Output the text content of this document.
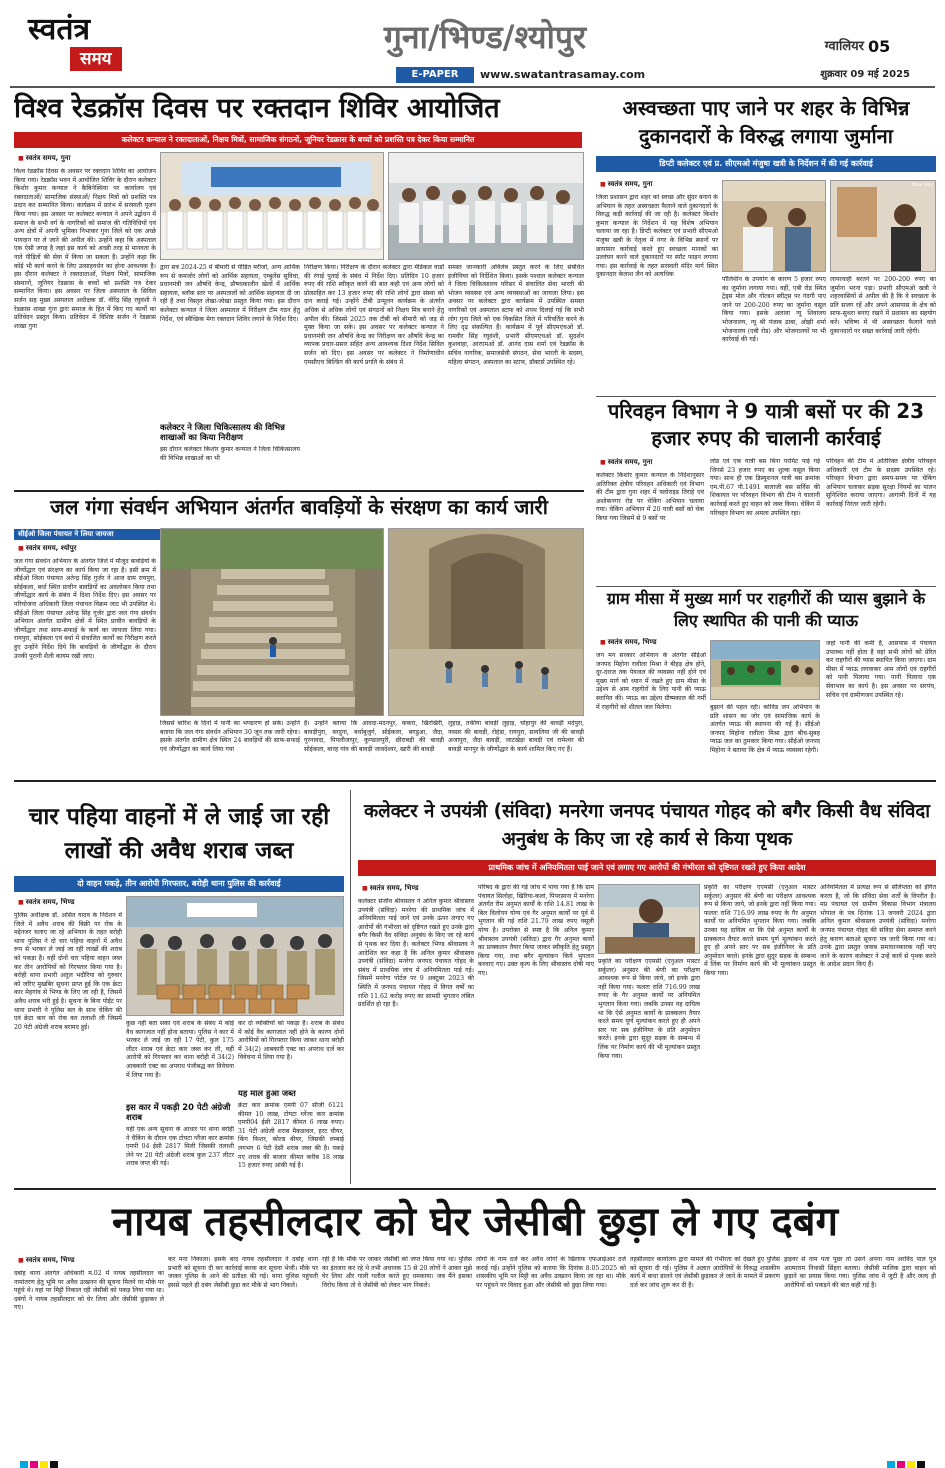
स्वतंत्र
समय
गुना/भिण्ड/श्योपुर	ग्वालियर 05
E-PAPER	www.swatantrasamay.com	शुक्रवार 09 मई 2025
विश्व रेडक्रॉस दिवस पर रक्तदान शिविर आयोजित
कलेक्टर कन्याल ने रक्तदाताओं, निक्षय मित्रों, सामाजिक संगठनों, जूनियर रेडक्रास के बच्चों को प्रशस्ति पत्र देकर किया सम्मानित
■ स्वतंत्र समय, गुना
विश्व रेडक्रॉस दिवस के अवसर पर रक्तदान शिविर का आयोजन किया गया। रेडक्रॉस भवन में आयोजित शिविर के दौरान कलेक्टर किशोर कुमार कन्याल ने कैबिनेस्थिया पर कार्यालय एवं रक्तदाताओं/ सामाजिक संस्थाओं/ निक्षय मित्रों को प्रशस्ति पत्र प्रदान कर सम्मानित किया। कार्यक्रम में प्रारंभ में सरस्वती पूजन किया गया। इस अवसर पर कलेक्टर कन्याल ने अपने उद्बोधन में समाज के सभी वर्ग के नागरिकों को समाज की गतिविधियों एवं अन्य क्षेत्रों में अपनी भूमिका निभाकर गुना जिले को एक अच्छे पायदान पर ले जाने की अपील की। उन्होंने कहा कि अस्पताल एक ऐसी जगह है जहां इस कार्य को अच्छी तरह से मानवता के नाते पीड़ितों की सेवा में किया जा सकता है। उन्होंने कहा कि कोई भी कार्य करने के लिए उत्साहवर्धन का होना आवश्यक है। इस दौरान कलेक्टर ने रक्तदाताओं, निक्षय मित्रों, सामाजिक संस्थानों, जूनियर रेडक्रास के बच्चों को प्रशस्ति पत्र देकर सम्मानित किया। इस अवसर पर जिला अस्पताल के सिविल सर्जन सह मुख्य अस्पताल अधीक्षक डॉ. वीरेंद्र सिंह रघुवंशी ने रेडक्रास शाखा गुना द्वारा समाज के हित में किए गए कार्यों का प्रतिवेदन प्रस्तुत किया। प्रतिवेदन में विशिष्ट सर्जन ने रेडक्रास शाखा गुना
द्वारा सत्र 2024-25 में बीमारी से पीड़ित मरीजों, अन्य आर्थिक रूप से कमजोर लोगों को आर्थिक सहायता, एम्बुलेंस सुविधा, प्रधानमंत्री जन औषधि केन्द्र, प्रौषधकालीन खेलों में आर्थिक सहायता, ब्लॉक स्तर पर अस्पतालों को आर्थिक सहायता दी जा रही है तथा विस्तृत लेखा-जोखा प्रस्तुत किया गया। इस दौरान कलेक्टर कन्याल ने जिला अस्पताल में निरीक्षण टीम गठन हेतु निर्देश, एवं स्वैच्छिक मेगा रक्तदान शिविर लगाने के निर्देश दिए।
कलेक्टर ने जिला चिकित्सालय की विभिन्न शाखाओं का किया निरीक्षण
इस दौरान कलेक्टर किशोर कुमार कन्याल ने जिला चिकित्सालय की विभिन्न शाखाओं का भी
निरीक्षण किया। निरीक्षण के दौरान कलेक्टर द्वारा मेडिकल वार्डों की रंगाई पुताई के संबंध में निर्देश दिए। प्रतिदिन 10 हजार रुपए की राशि स्वीकृत करने की बात कही एवं अन्य लोगों को प्रोत्साहित कर 13 हजार रुपए की राशि लोगों द्वारा संस्था को दान कराई गई। उन्होंने टीबी उन्मूलन कार्यक्रम के अंतर्गत अधिक से अधिक लोगों एवं संगठनों को निक्षय मित्र बनाने हेतु अपील की। जिससे 2025 तक टीबी को बीमारी को जड़ से मुक्त किया जा सके। इस अवसर पर कलेक्टर कन्याल ने प्रधानमंत्री जन औषधि केन्द्र का निरीक्षण कर औषधि केन्द्र का व्यापक प्रचार-प्रसार सहित अन्य आवश्यक दिशा निर्देश सिविल सर्जन को दिए। इस अवसर पर कलेक्टर ने निर्माणाधीन एमसीएच बिल्डिंग की कार्य प्रगति के संबंध में
समस्त जानकारी अविलंब प्रस्तुत करने के लिए संबंधित इंजीनियर को निर्देशित किया। इसके पश्चात कलेक्टर कन्याल ने जिला चिकित्सालय परिसर में संचालित सेवा भारती की भोजन व्यवस्था एवं अन्य व्यवस्थाओं का जायजा लिया। इस अवसर पर कलेक्टर द्वारा कार्यक्रम में उपस्थित समस्त नागरिकों एवं अस्पताल स्टाफ को शपथ दिलाई गई कि सभी लोग गुना जिले को एक विकसित जिले में परिवर्तित करने के लिए दृढ़ संकल्पित हैं। कार्यक्रम में पूर्व सीएमएचओ डॉ. रामवीर सिंह रघुवंशी, प्रभारी सीएमएचओ डॉ. सुदर्शन कुशवाहा, आरएमओ डॉ. आनंद दास शर्मा एवं रेडक्रॉस के सचिव नागरिक, समाजसेवी संगठन, सेवा भारती के सदस्य, महिला संगठन, अस्पताल का स्टाफ, डॉक्टर्स उपस्थित रहे।
अस्वच्छता पाए जाने पर शहर के विभिन्न दुकानदारों के विरुद्ध लगाया जुर्माना
डिप्टी कलेक्टर एवं प्र. सीएमओ मंजुषा खत्री के निर्देशन में की गई कार्रवाई
■ स्वतंत्र समय, गुना
जिला प्रशासन द्वारा शहर को स्वच्छ और सुंदर बनाने के अभियान के तहत अस्वच्छता फैलाने वाले दुकानदारों के विरुद्ध कड़ी कार्रवाई की जा रही है। कलेक्टर किशोर कुमार कन्याल के निर्देशन में यह विशेष अभियान चलाया जा रहा है। डिप्टी कलेक्टर एवं प्रभारी सीएमओ मंजुषा खत्री के नेतृत्व में नगर के विभिन्न स्थानों पर छापामार कार्रवाई करते हुए स्वच्छता मानकों का उल्लंघन करने वाले दुकानदारों पर स्पॉट फाइन लगाया गया। इस कार्रवाई के तहत सरस्वती मंदिर मार्ग स्थित दुकानदार केलाश जैन को अत्यधिक
Dhar Day
पॉलिथीन के उपयोग के कारण 5 हजार रुपए का जुर्माना लगाया गया। वहीं, एबी रोड स्थित ट्रेड्स मोल और गोल्डन स्वीट्स पर गंदगी पाए जाने पर 200-200 रुपए का जुर्माना वसूल किया गया। इसके अलावा न्यू शिवालय भोजनालय, न्यू श्री पंजाब ढाबा, ओझी शर्मा भोजनालय (एबी रोड) और भोजनालयों पर भी कार्रवाई की गई।
लापरवाही बरतने पर 200-200 रुपए का जुर्माना भरना पड़ा। प्रभारी सीएमओ खत्री ने शहरवासियों से अपील की है कि वे स्वच्छता के प्रति सजग रहें और अपने आसपास के क्षेत्र को साफ-सुथरा बनाए रखने में प्रशासन का सहयोग करें। भविष्य में भी अस्वच्छता फैलाने वाले दुकानदारों पर सख्त कार्रवाई जारी रहेगी।
परिवहन विभाग ने 9 यात्री बसों पर की 23 हजार रुपए की चालानी कार्रवाई
■ स्वतंत्र समय, गुना
कलेक्टर किशोर कुमार कन्याल के निर्देशानुसार अतिरिक्त क्षेत्रीय परिवहन अधिकारी एवं विभाग की टीम द्वारा गुना शहर में फ्लोराइड तिराहे एवं अशोकनगर रोड पर चेकिंग अभियान चलाया गया। चेकिंग अभियान में 20 यात्री बसों को चेक किया गया जिसमें से 9 बसों पर
लोड एवं एक यात्री बस बिना परमिट पाई गई जिनसे 23 हजार रुपए का शुल्क वसूल किया गया। साथ ही एक डिस्यूशनल यात्री बस क्रमांक एम.पी.67 पी.1491 बालाजी बस सर्विस की शिकायत पर परिवहन विभाग की टीम ने चालानी कार्रवाई करते हुए वाहन को जब्त किया। चेकिंग में परिवहन विभाग का अमला उपस्थित रहा।
परिवहन की टीम में अतिरिक्त क्षेत्रीय परिवहन अधिकारी एवं टीम के सदस्य उपस्थित रहे। परिवहन विभाग द्वारा समय-समय पर चेकिंग अभियान चलाकर सड़क सुरक्षा नियमों का पालन सुनिश्चित कराया जाएगा। आगामी दिनों में यह कार्रवाई निरंतर जारी रहेगी।
जल गंगा संवर्धन अभियान अंतर्गत बावड़ियों के संरक्षण का कार्य जारी
सीईओ जिला पंचायत ने लिया जायजा
■ स्वतंत्र समय, श्योपुर
जल गंगा संवर्धन अभियान के अंतर्गत जिले में मौजूद बावड़ियों के जीर्णोद्धार एवं संरक्षण का कार्य किया जा रहा है। इसी क्रम में सीईओ जिला पंचायत अतेन्द्र सिंह गुर्जर ने आज ग्राम रायपुरा, सोईकला, बर्धा स्थित प्राचीन बावड़ियों का अवलोकन किया तथा जीर्णोद्धार कार्य के संबंध में दिशा निर्देश दिए। इस अवसर पर परियोजना अधिकारी जिला पंचायत विक्रम जाट भी उपस्थित थे। सीईओ जिला पंचायत अतेन्द्र सिंह गुर्जर द्वारा जल गंगा संवर्धन अभियान अंतर्गत ग्रामीण क्षेत्रों में स्थित प्राचीन बावड़ियों के जीर्णोद्धार तथा साफ-सफाई के कार्य का जायजा लिया गया। रायपुरा, सोईकला एवं बर्धा में संचालित कार्यों का निरीक्षण करते हुए उन्होंने निर्देश दिये कि बावड़ियों के जीर्णोद्धार के दौरान उनकी पुरानी शैली कायम रखी जाए।
जिससे बारिश के दिनों में पानी का भण्डारण हो सके। उन्होंने बताया कि जल गंगा संवर्धन अभियान 30 जून तक जारी रहेगा। इसके अंतर्गत ग्रामीण क्षेत्र स्थित 24 बावड़ियों की साफ-सफाई एवं जीर्णोद्धार का कार्य लिया गया
है। उन्होंने बताया कि आवदा-मदनपुर, ककरा, खिरखिरी, बावड़ीपुरा, बरदुना, बर्धाबुजुर्ग, सोईकला, बगडुआ, जैदा, गुरनावदा, पिपलीजापुर, कुण्डालपुरी, छीराबड़ी की बावड़ी सोईकला, बारह गांव की बावड़ी जावदेश्वर, खारी की बावड़ी
लुहाड़, तकीया बावड़ी लुहाड़, चोहापुर की बावड़ी मदेपुरा, नवसर की बावड़ी, रोहंडा, रायपुरा, सावलिया जी की बावड़ी अजापुरा, जैदा बावड़ी, जाटखेड़ा बावड़ी एवं रामेश्वर की बावड़ी मानपुर के जीर्णोद्धार के कार्य शामिल किए गए हैं।
ग्राम मीसा में मुख्य मार्ग पर राहगीरों की प्यास बुझाने के लिए स्थापित की पानी की प्याऊ
■ स्वतंत्र समय, भिण्ड
जन मन सरकार अभियान के अंतर्गत सीईओ जनपद मिहोना रावीला मिश्रा ने बीहड़ क्षेत्र होने, दूर-दराज तक पेयजल की व्यवस्था नहीं होने एवं मुख्य मार्ग को ध्यान में रखते हुए ग्राम मीसा के उद्देश्य से आम राहगीरों के लिए पानी की प्याऊ स्थापित की। प्याऊ का उद्देश्य ग्रीष्मकाल की गर्मी में राहगीरों को शीतल जल मिलेगा।	बुझाने की पहल रही। कोविड जन अभियान के प्रति शासन का जोर एवं सामाजिक कार्य के अंतर्गत प्याऊ की स्थापना की गई है। सीईओ जनपद मिहोना रावीला मिश्रा द्वारा बीच-सुबह प्याऊ जल का ठुमकार किया गया। सीईओ जनपद मिहोना ने बताया कि क्षेत्र में प्याऊ व्यवस्था रहेगी।
जहां पानी की कमी है, आसपास में पंचायत उपलब्ध नहीं होता है वहां सभी लोगों को प्रेरित कर राहगीरों की प्यास स्थापित किया जाएगा। ग्राम मीसा में प्याऊ लगवाकर आम लोगों एवं राहगीरों को पानी पिलाया गया। पानी पिलाना एक सेवाभाव का कार्य है। इस अवसर पर सरपंच, सचिव एवं ग्रामीणजन उपस्थित रहे।
चार पहिया वाहनों में ले जाई जा रही लाखों की अवैध शराब जब्त
दो वाहन पकड़े, तीन आरोपी गिरफ्तार, बरोही थाना पुलिस की कार्रवाई
■ स्वतंत्र समय, भिण्ड
पुलिस अधीक्षक डॉ. असित यादव के निर्देशन में जिले में अवैध शराब की बिक्री पर रोक के मद्देनजर चलाए जा रहे अभियान के तहत बरोही थाना पुलिस ने दो चार पहिया वाहनों में अवैध रूप से भरकर ले जाई जा रही लाखों की शराब को पकड़ा है। वहीं दोनों चार पहिया वाहन जब्त कर तीन आरोपियों को गिरफ्तार किया गया है। बरोही थाना प्रभारी अतुल भदौरिया को गुरुवार को जरिए मुखबिर सूचना प्राप्त हुई कि एक क्रेटा कार मेहगांव से भिण्ड के लिए जा रही है, जिसमें अवैध शराब भरी हुई है। सूचना के बिना पोईंट पर थाना प्रभारी ने पुलिस बल के साथ चेकिंग की एवं क्रेटा कार को रोक कर तलाशी ली जिसमें 20 पेटी अंग्रेजी शराब बरामद हुई।
कुछ नहीं बता सका एवं शराब के संबंध में कोई वैध कागजात नहीं होना बताया। पुलिस ने कार में भरकर ले जाई जा रही 17 पेटी, कुल 175 लीटर शराब एवं क्रेटा कार जब्त कर ली, वहीं आरोपी को गिरफ्तार कर थाना बरोही में 34(2) आबकारी एक्ट का अपराध पंजीबद्ध कर विवेचना में लिया गया है।
इस कार में पकड़ी 20 पेटी अंग्रेजी शराब
वहीं एक अन्य सूचना के आधार पर थाना बरोही ने चैकिंग के दौरान एक टोयटा ग्लैंजा कार क्रमांक एमपी 04 ईसी 2817 मिली जिसकी तलाशी लेने पर 20 पेटी अंग्रेजी शराब कुल 237 लीटर शराब जप्त की गई।
कर दो व्यक्तियों को पकड़ा है। शराब के संबंध में कोई वैध कागजात नहीं होने के कारण दोनों आरोपियों को गिरफ्तार किया जाकर थाना बरोही में 34(2) आबकारी एक्ट का अपराध दर्ज कर विवेचना में लिया गया है।
यह माल हुआ जब्त
क्रेटा कार क्रमांक एमपी 07 सीजी 6121 कीमत 10 लाख, टोयटा ग्लेंजा कार क्रमांक एमपी04 ईसी 2817 कीमत 6 लाख रुपए। 31 पेटी अंग्रेजी शराब मैकडावल, हरट चीयर, किंग फिशर, कोल्ड बीयर, जिसकी लम्बाई लगभग 6 पेटी देसी शराब जब्त की है। पकड़े गए शराब की बाजार कीमत करीब 18 लाख 15 हजार रुपए आंकी गई है।
कलेक्टर ने उपयंत्री (संविदा) मनरेगा जनपद पंचायत गोहद को बगैर किसी वैध संविदा अनुबंध के किए जा रहे कार्य से किया पृथक
प्राथमिक जांच में अनियमितता पाई जाने एवं लगाए गए आरोपों की गंभीरता को दृष्टिगत रखते हुए किया आदेश
■ स्वतंत्र समय, भिण्ड
कलेक्टर संजीव श्रीवास्तव ने अनिल कुमार श्रीवास्तव उपयंत्री (संविदा) मनरेगा की प्राथमिक जांच में अनियमितता पाई जाने एवं उनके ऊपर लगाए गए आरोपों की गंभीरता को दृष्टिगत रखते हुए उनके द्वारा बगैर किसी वैध संविदा अनुबंध के किए जा रहे कार्य से पृथक कर दिया है। कलेक्टर भिण्ड श्रीवास्तव ने आदेशित कर कहा है कि अनिल कुमार श्रीवास्तव उपयंत्री (संविदा) मनरेगा जनपद पंचायत गोहद के संबंध में प्राथमिक जांच में अनियमितता पाई गई। जिसमें मनरेगा पोर्टल पर 9 अक्टूबर 2023 की स्थिति में जनपद पंचायत गोहद में विगत वर्षों का राशि 11.62 करोड़ रुपए का सामग्री भुगतान लंबित प्रदर्शित हो रहा है।
परिषद के द्वारा की गई जांच में पाया गया है कि ग्राम पंचायत सिलोहा, खिरिया-कलां, पिपरसाना में मनरेगा अंतर्गत रीम अनुमत कार्यों के राशि 14.81 लाख के बिल विलोपन योग्य एवं गैर अनुमत कार्यों पर पूर्व में भुगतान की गई राशि 21.79 लाख रुपए वसूली योग्य है। उपरोक्त से स्पष्ट है कि अनिल कुमार श्रीवास्तव उपयंत्री (संविदा) द्वारा गैर अनुमत कार्यों का प्राक्कलन तैयार किया जाकर स्वीकृति हेतु प्रस्तुत किया गया, तथा बगैर मूल्यांकन किये भुगतान करवाए गए। उक्त कृत्य के लिए श्रीवास्तव दोषी पाए गए।
प्रकृति का परीक्षण एएमसी (एनुअल मास्टर सर्कुलर) अनुसार की श्रेणी का परीक्षण आवश्यक रूप से किया जाये, जो इनके द्वारा नहीं किया गया। फलतः राशि 716.99 लाख रुपए के गैर अनुमत कार्यों पर अनियमित भुगतान किया गया। जबकि उनका यह दायित्व था कि ऐसे अनुमत कार्यों के प्राक्कलन तैयार करते समय पूर्ण मूल्यांकन करते हुए ही अपने स्तर पर सब इंजीनियर के प्रति अनुमोदन करते। इनके द्वारा सुदूर सड़क के सम्बन्ध में लिंक पर निर्माण कार्य की भी मूल्यांकन प्रस्तुत किया गया।
प्रकृति का परीक्षण एएमसी (एनुअल मास्टर सर्कुलर) अनुसार की श्रेणी का परीक्षण आवश्यक रूप से किया जाये, जो इनके द्वारा नहीं किया गया। फलतः राशि 716.99 लाख रुपए के गैर अनुमत कार्यों पर अनियमित भुगतान किया गया। जबकि उनका यह दायित्व था कि ऐसे अनुमत कार्यों के प्राक्कलन तैयार करते समय पूर्ण मूल्यांकन करते हुए ही अपने स्तर पर सब इंजीनियर के प्रति अनुमोदन करते। इनके द्वारा सुदूर सड़क के सम्बन्ध में लिंक पर निर्माण कार्य की भी मूल्यांकन प्रस्तुत किया गया।
अनियमितता में प्रत्यक्ष रूप से संलिप्तता को इंगित करता है, जो कि संविदा सेवा शर्तों के विपरीत है। मप्र पंचायत एवं ग्रामीण विकास विभाग मंत्रालय भोपाल के पत्र दिनांक 13 जनवरी 2024 द्वारा अनिल कुमार श्रीवास्तव उपयंत्री (संविदा) मनरेगा जनपद पंचायत गोहद की संविदा सेवा समाप्त करने हेतु कारण बताओ सूचना पत्र जारी किया गया था। उनके द्वारा प्रस्तुत जवाब समाधानकारक नहीं पाए जाने के कारण कलेक्टर ने उन्हें कार्य से पृथक करने के आदेश प्रदान किए हैं।
नायब तहसीलदार को घेर जेसीबी छुड़ा ले गए दबंग
■ स्वतंत्र समय, भिण्ड
दबोह थाना अंतर्गत अधिकारी म.02 में नायब तहसीलदार का नामांतरण हेतु भूमि पर अवैध उत्खनन की सूचना मिलने पर मौके पर पहुंचे थे। वहां पर मिट्टी निकाल रही जेसीबी को पकड़ लिया गया था। दबंगों ने नायब तहसीलदार को घेर लिया और जेसीबी छुड़ाकर ले गए।
कर मना निकाला। इसके बाद नायब तहसीलदार ने दबोह थाना प्रभारी को सूचना दी कर कार्रवाई करवा कर सूचना भेजी। मौके पर जाकर पुलिस के आने की प्रतीक्षा की गई। थाना पुलिस पहुंचती इससे पहले ही दबंग जेसीबी छुड़ा कर मौके से भाग निकले।
रही है कि मौके पर जाकर जेसीबी को जप्त किया गया था। पुलिस का इंतजार कर रहे थे तभी अचानक 15 से 20 लोगों ने आकर मुझे घेर लिया और गाली गलौज करते हुए धमकाया। जब मैंने इसका विरोध किया तो वे जेसीबी को लेकर भाग निकले।
लोगों के नाम दर्ज कर अवैध लोगों के खिलाफ एफआईआर दर्ज कराई गई। उन्होंने पुलिस को बताया कि दिनांक 8.05.2025 को शासकीय भूमि पर मिट्टी का अवैध उत्खनन किया जा रहा था। मौके पर पहुंचने पर विवाद हुआ और जेसीबी को छुड़ा लिया गया।
तहसीलदार कार्यालय द्वारा मामले की गंभीरता को देखते हुए पुलिस को सूचना दी गई। पुलिस ने अज्ञात आरोपियों के विरुद्ध शासकीय कार्य में बाधा डालने एवं जेसीबी छुड़ाकर ले जाने के मामले में प्रकरण दर्ज कर जांच शुरू कर दी है।
ड्राइवर से नाम पता पूछा तो उसने अपना नाम अरविंद पाल पुत्र आत्माराम निवासी सिंहरा बताया। जेसीबी मालिक द्वारा वाहन को छुड़ाने का प्रयास किया गया। पुलिस जांच में जुटी है और जल्द ही आरोपियों को पकड़ने की बात कही गई है।
